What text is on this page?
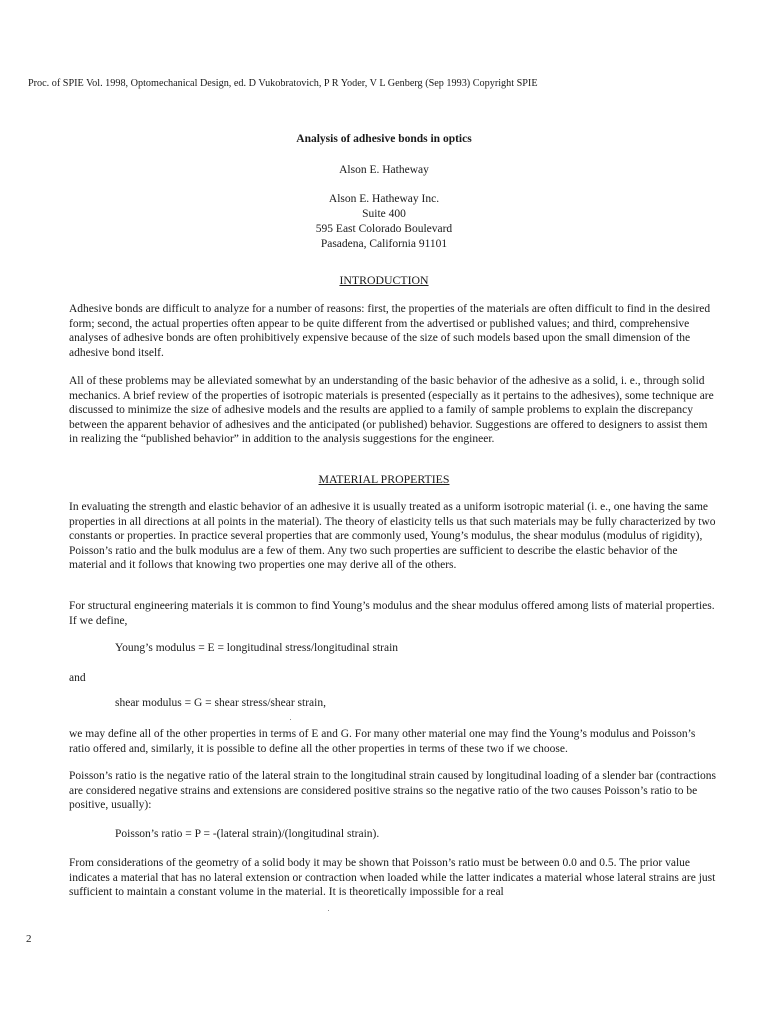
Proc. of SPIE Vol. 1998, Optomechanical Design, ed. D Vukobratovich, P R Yoder, V L Genberg (Sep 1993) Copyright SPIE
Analysis of adhesive bonds in optics
Alson E. Hatheway
Alson E. Hatheway Inc.
Suite 400
595 East Colorado Boulevard
Pasadena, California 91101
INTRODUCTION
Adhesive bonds are difficult to analyze for a number of reasons: first, the properties of the materials are often difficult to find in the desired form; second, the actual properties often appear to be quite different from the advertised or published values; and third, comprehensive analyses of adhesive bonds are often prohibitively expensive because of the size of such models based upon the small dimension of the adhesive bond itself.
All of these problems may be alleviated somewhat by an understanding of the basic behavior of the adhesive as a solid, i. e., through solid mechanics. A brief review of the properties of isotropic materials is presented (especially as it pertains to the adhesives), some technique are discussed to minimize the size of adhesive models and the results are applied to a family of sample problems to explain the discrepancy between the apparent behavior of adhesives and the anticipated (or published) behavior. Suggestions are offered to designers to assist them in realizing the “published behavior” in addition to the analysis suggestions for the engineer.
MATERIAL PROPERTIES
In evaluating the strength and elastic behavior of an adhesive it is usually treated as a uniform isotropic material (i. e., one having the same properties in all directions at all points in the material). The theory of elasticity tells us that such materials may be fully characterized by two constants or properties. In practice several properties that are commonly used, Young’s modulus, the shear modulus (modulus of rigidity), Poisson’s ratio and the bulk modulus are a few of them. Any two such properties are sufficient to describe the elastic behavior of the material and it follows that knowing two properties one may derive all of the others.
For structural engineering materials it is common to find Young’s modulus and the shear modulus offered among lists of material properties. If we define,
Young’s modulus = E = longitudinal stress/longitudinal strain
and
shear modulus = G = shear stress/shear strain,
we may define all of the other properties in terms of E and G. For many other material one may find the Young’s modulus and Poisson’s ratio offered and, similarly, it is possible to define all the other properties in terms of these two if we choose.
Poisson’s ratio is the negative ratio of the lateral strain to the longitudinal strain caused by longitudinal loading of a slender bar (contractions are considered negative strains and extensions are considered positive strains so the negative ratio of the two causes Poisson’s ratio to be positive, usually):
Poisson’s ratio = P = -(lateral strain)/(longitudinal strain).
From considerations of the geometry of a solid body it may be shown that Poisson’s ratio must be between 0.0 and 0.5. The prior value indicates a material that has no lateral extension or contraction when loaded while the latter indicates a material whose lateral strains are just sufficient to maintain a constant volume in the material. It is theoretically impossible for a real
2
